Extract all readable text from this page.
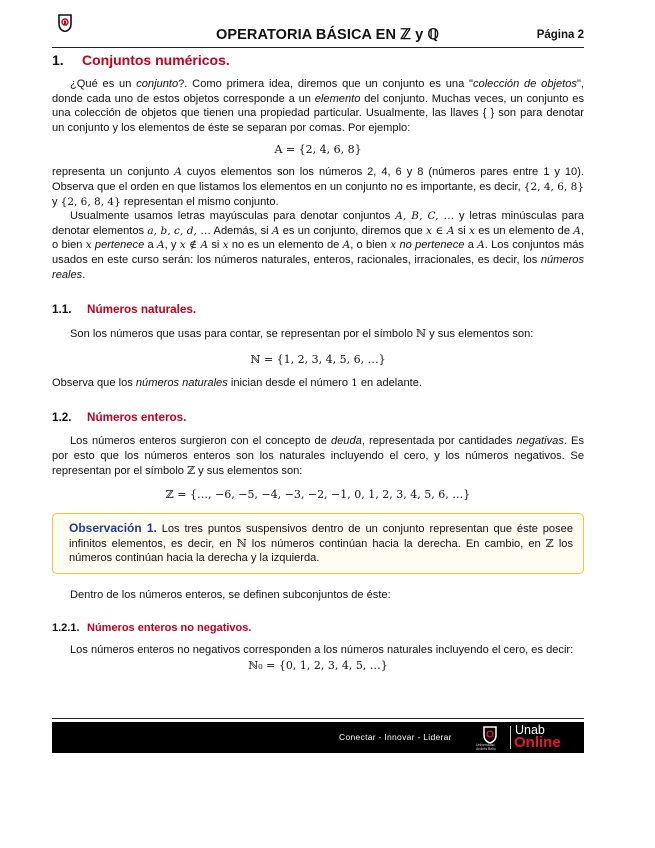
OPERATORIA BÁSICA EN ℤ y ℚ	Página 2
1. Conjuntos numéricos.

¿Qué es un conjunto?. Como primera idea, diremos que un conjunto es una "colección de objetos", donde cada uno de estos objetos corresponde a un elemento del conjunto. Muchas veces, un conjunto es una colección de objetos que tienen una propiedad particular. Usualmente, las llaves { } son para denotar un conjunto y los elementos de éste se separan por comas. Por ejemplo:

A = {2, 4, 6, 8}

representa un conjunto A cuyos elementos son los números 2, 4, 6 y 8 (números pares entre 1 y 10). Observa que el orden en que listamos los elementos en un conjunto no es importante, es decir, {2, 4, 6, 8} y {2, 6, 8, 4} representan el mismo conjunto.

Usualmente usamos letras mayúsculas para denotar conjuntos A, B, C, … y letras minúsculas para denotar elementos a, b, c, d, … Además, si A es un conjunto, diremos que x ∈ A si x es un elemento de A, o bien x pertenece a A, y x ∉ A si x no es un elemento de A, o bien x no pertenece a A. Los conjuntos más usados en este curso serán: los números naturales, enteros, racionales, irracionales, es decir, los números reales.

1.1. Números naturales.

Son los números que usas para contar, se representan por el símbolo ℕ y sus elementos son:

ℕ = {1, 2, 3, 4, 5, 6, …}

Observa que los números naturales inician desde el número 1 en adelante.

1.2. Números enteros.

Los números enteros surgieron con el concepto de deuda, representada por cantidades negativas. Es por esto que los números enteros son los naturales incluyendo el cero, y los números negativos. Se representan por el símbolo ℤ y sus elementos son:

ℤ = {…, −6, −5, −4, −3, −2, −1, 0, 1, 2, 3, 4, 5, 6, …}
Observación 1. Los tres puntos suspensivos dentro de un conjunto representan que éste posee infinitos elementos, es decir, en ℕ los números continúan hacia la derecha. En cambio, en ℤ los números continúan hacia la derecha y la izquierda.

Dentro de los números enteros, se definen subconjuntos de éste:

1.2.1. Números enteros no negativos.

Los números enteros no negativos corresponden a los números naturales incluyendo el cero, es decir:

ℕ₀ = {0, 1, 2, 3, 4, 5, …}
Conectar - Innovar - Liderar
Universidad Andrés Bello
Unab
Online
